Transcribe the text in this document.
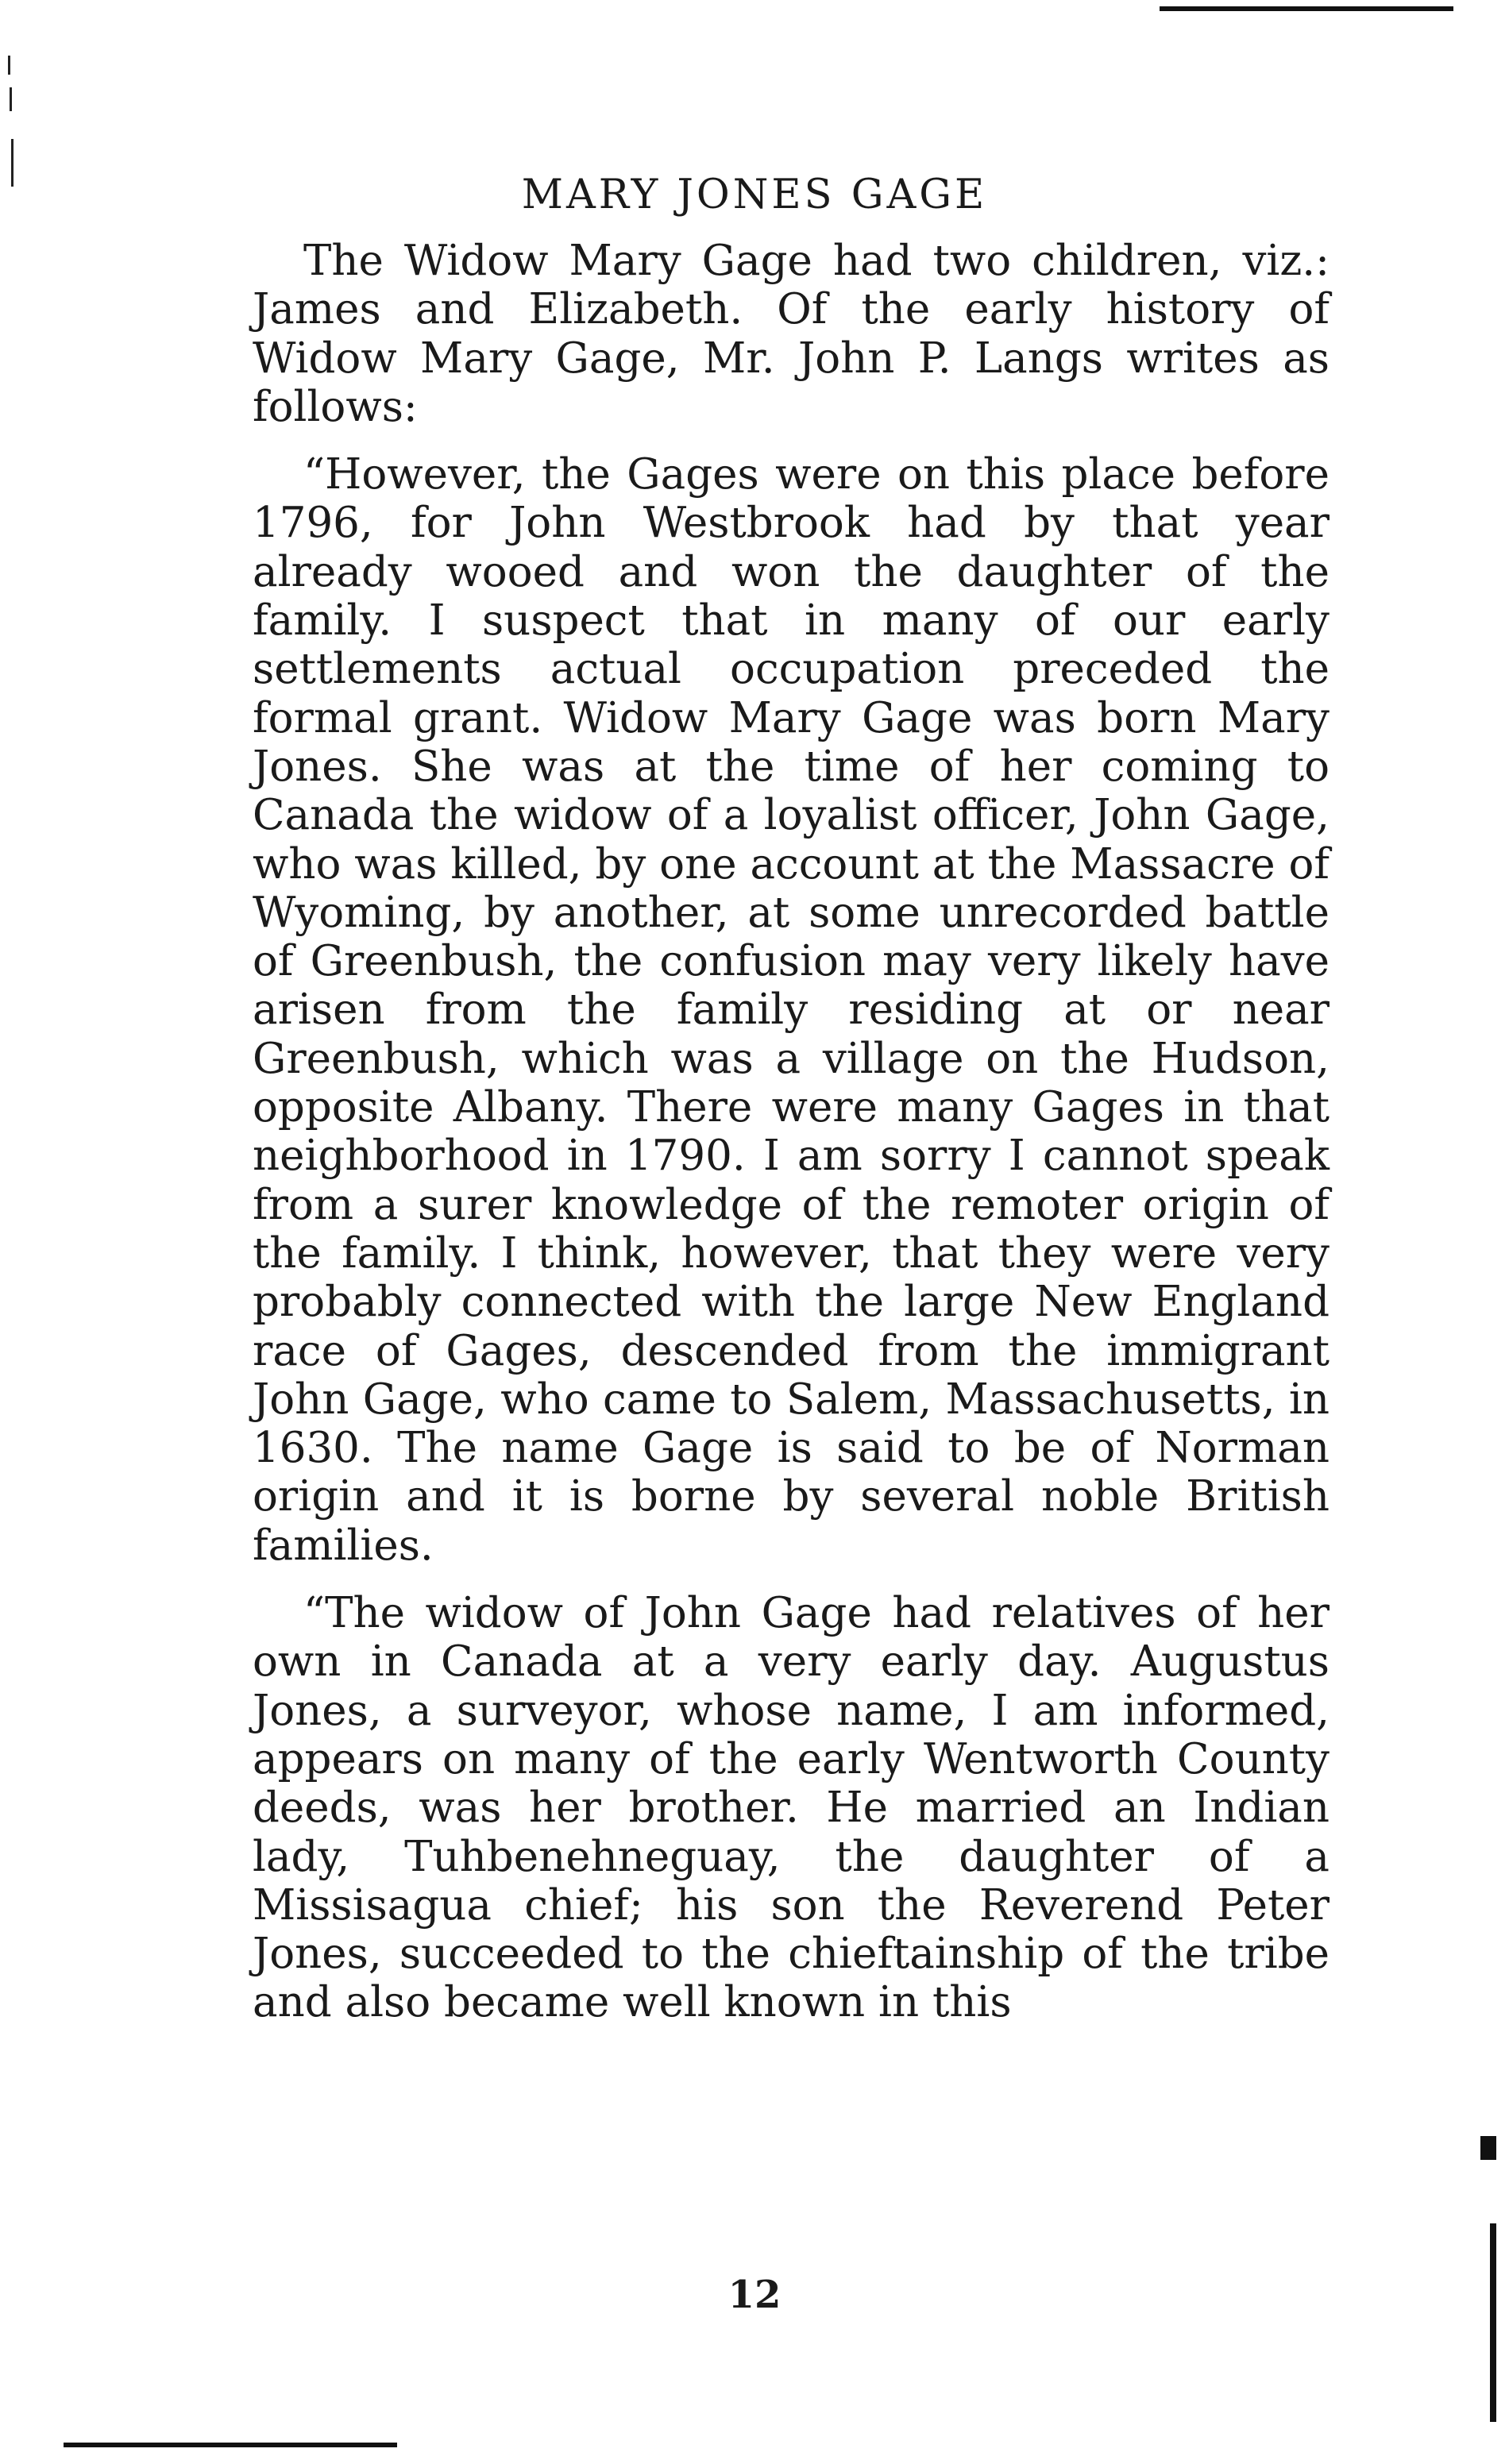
MARY JONES GAGE

The Widow Mary Gage had two children, viz.: James and Elizabeth. Of the early history of Widow Mary Gage, Mr. John P. Langs writes as follows:

“However, the Gages were on this place before 1796, for John Westbrook had by that year already wooed and won the daughter of the family. I suspect that in many of our early settlements actual occupation preceded the formal grant. Widow Mary Gage was born Mary Jones. She was at the time of her coming to Canada the widow of a loyalist officer, John Gage, who was killed, by one account at the Massacre of Wyoming, by another, at some unrecorded battle of Greenbush, the confusion may very likely have arisen from the family residing at or near Greenbush, which was a village on the Hudson, opposite Albany. There were many Gages in that neighborhood in 1790. I am sorry I cannot speak from a surer knowledge of the remoter origin of the family. I think, however, that they were very probably connected with the large New England race of Gages, descended from the immigrant John Gage, who came to Salem, Massachusetts, in 1630. The name Gage is said to be of Norman origin and it is borne by several noble British families.

“The widow of John Gage had relatives of her own in Canada at a very early day. Augustus Jones, a surveyor, whose name, I am informed, appears on many of the early Wentworth County deeds, was her brother. He married an Indian lady, Tuhbenehneguay, the daughter of a Missisagua chief; his son the Reverend Peter Jones, succeeded to the chieftainship of the tribe and also became well known in this

12
